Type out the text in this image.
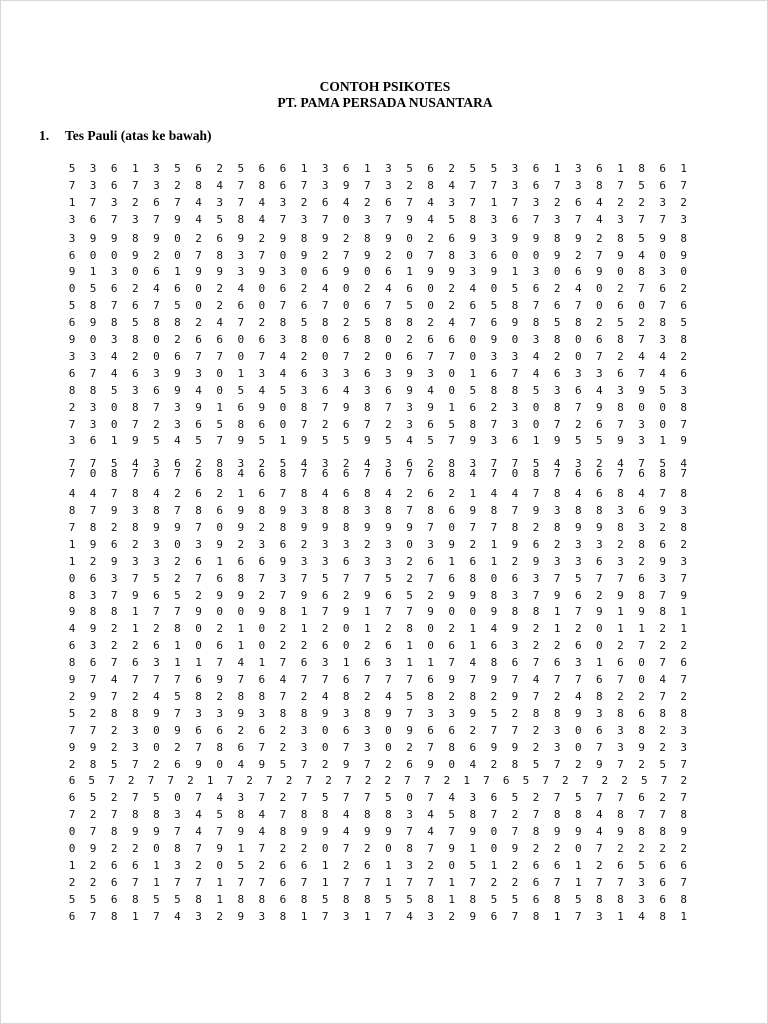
CONTOH PSIKOTES
PT. PAMA PERSADA NUSANTARA
1. Tes Pauli (atas ke bawah)
5 3 6 1 3 5 6 2 5 6 6 1 3 6 1 3 5 6 2 5 5 3 6 1 3 6 1 8 6 1
7 3 6 7 3 2 8 4 7 8 6 7 3 9 7 3 2 8 4 7 7 3 6 7 3 8 7 5 6 7
1 7 3 2 6 7 4 3 7 4 3 2 6 4 2 6 7 4 3 7 1 7 3 2 6 4 2 2 3 2
3 6 7 3 7 9 4 5 8 4 7 3 7 0 3 7 9 4 5 8 3 6 7 3 7 4 3 7 7 3
3 9 9 8 9 0 2 6 9 2 9 8 9 2 8 9 0 2 6 9 3 9 9 8 9 2 8 5 9 8
6 0 0 9 2 0 7 8 3 7 0 9 2 7 9 2 0 7 8 3 6 0 0 9 2 7 9 4 0 9
9 1 3 0 6 1 9 9 3 9 3 0 6 9 0 6 1 9 9 3 9 1 3 0 6 9 0 8 3 0
0 5 6 2 4 6 0 2 4 0 6 2 4 0 2 4 6 0 2 4 0 5 6 2 4 0 2 7 6 2
5 8 7 6 7 5 0 2 6 0 7 6 7 0 6 7 5 0 2 6 5 8 7 6 7 0 6 0 7 6
6 9 8 5 8 8 2 4 7 2 8 5 8 2 5 8 8 2 4 7 6 9 8 5 8 2 5 2 8 5
9 0 3 8 0 2 6 6 0 6 3 8 0 6 8 0 2 6 6 0 9 0 3 8 0 6 8 7 3 8
3 3 4 2 0 6 7 7 0 7 4 2 0 7 2 0 6 7 7 0 3 3 4 2 0 7 2 4 4 2
6 7 4 6 3 9 3 0 1 3 4 6 3 3 6 3 9 3 0 1 6 7 4 6 3 3 6 7 4 6
8 8 5 3 6 9 4 0 5 4 5 3 6 4 3 6 9 4 0 5 8 8 5 3 6 4 3 9 5 3
2 3 0 8 7 3 9 1 6 9 0 8 7 9 8 7 3 9 1 6 2 3 0 8 7 9 8 0 0 8
7 3 0 7 2 3 6 5 8 6 0 7 2 6 7 2 3 6 5 8 7 3 0 7 2 6 7 3 0 7
3 6 1 9 5 4 5 7 9 5 1 9 5 5 9 5 4 5 7 9 3 6 1 9 5 5 9 3 1 9
7 7 5 4 3 6 2 8 3 2 5 4 3 2 4 3 6 2 8 3 7 7 5 4 3 2 4 7 5 4
7 0 8 7 6 7 6 8 4 6 8 7 6 6 7 6 7 6 8 4 7 0 8 7 6 6 7 6 8 7
4 4 7 8 4 2 6 2 1 6 7 8 4 6 8 4 2 6 2 1 4 4 7 8 4 6 8 4 7 8
8 7 9 3 8 7 8 6 9 8 9 3 8 8 3 8 7 8 6 9 8 7 9 3 8 8 3 6 9 3
7 8 2 8 9 9 7 0 9 2 8 9 9 8 9 9 9 7 0 7 7 8 2 8 9 9 8 3 2 8
1 9 6 2 3 0 3 9 2 3 6 2 3 3 2 3 0 3 9 2 1 9 6 2 3 3 2 8 6 2
1 2 9 3 3 2 6 1 6 6 9 3 3 6 3 3 2 6 1 6 1 2 9 3 3 6 3 2 9 3
0 6 3 7 5 2 7 6 8 7 3 7 5 7 7 5 2 7 6 8 0 6 3 7 5 7 7 6 3 7
8 3 7 9 6 5 2 9 9 2 7 9 6 2 9 6 5 2 9 9 8 3 7 9 6 2 9 8 7 9
9 8 8 1 7 7 9 0 0 9 8 1 7 9 1 7 7 9 0 0 9 8 8 1 7 9 1 9 8 1
4 9 2 1 2 8 0 2 1 0 2 1 2 0 1 2 8 0 2 1 4 9 2 1 2 0 1 1 2 1
6 3 2 2 6 1 0 6 1 0 2 2 6 0 2 6 1 0 6 1 6 3 2 2 6 0 2 7 2 2
8 6 7 6 3 1 1 7 4 1 7 6 3 1 6 3 1 1 7 4 8 6 7 6 3 1 6 0 7 6
9 7 4 7 7 7 6 9 7 6 4 7 7 6 7 7 7 6 9 7 9 7 4 7 7 6 7 0 4 7
2 9 7 2 4 5 8 2 8 8 7 2 4 8 2 4 5 8 2 8 2 9 7 2 4 8 2 2 7 2
5 2 8 8 9 7 3 3 9 3 8 8 9 3 8 9 7 3 3 9 5 2 8 8 9 3 8 6 8 8
7 7 2 3 0 9 6 6 2 6 2 3 0 6 3 0 9 6 6 2 7 7 2 3 0 6 3 8 2 3
9 9 2 3 0 2 7 8 6 7 2 3 0 7 3 0 2 7 8 6 9 9 2 3 0 7 3 9 2 3
2 8 5 7 2 6 9 0 4 9 5 7 2 9 7 2 6 9 0 4 2 8 5 7 2 9 7 2 5 7
6 5 7 2 7 7 2 1 7 2 7 2 7 2 7 2 2 7 7 2 1 7 6 5 7 2 7 2 2 5 7 2
6 5 2 7 5 0 7 4 3 7 2 7 5 7 7 5 0 7 4 3 6 5 2 7 5 7 7 6 2 7
7 2 7 8 8 3 4 5 8 4 7 8 8 4 8 8 3 4 5 8 7 2 7 8 8 4 8 7 7 8
0 7 8 9 9 7 4 7 9 4 8 9 9 4 9 9 7 4 7 9 0 7 8 9 9 4 9 8 8 9
0 9 2 2 0 8 7 9 1 7 2 2 0 7 2 0 8 7 9 1 0 9 2 2 0 7 2 2 2 2
1 2 6 6 1 3 2 0 5 2 6 6 1 2 6 1 3 2 0 5 1 2 6 6 1 2 6 5 6 6
2 2 6 7 1 7 7 1 7 7 6 7 1 7 7 1 7 7 1 7 2 2 6 7 1 7 7 3 6 7
5 5 6 8 5 5 8 1 8 8 6 8 5 8 8 5 5 8 1 8 5 5 6 8 5 8 8 3 6 8
6 7 8 1 7 4 3 2 9 3 8 1 7 3 1 7 4 3 2 9 6 7 8 1 7 3 1 4 8 1
